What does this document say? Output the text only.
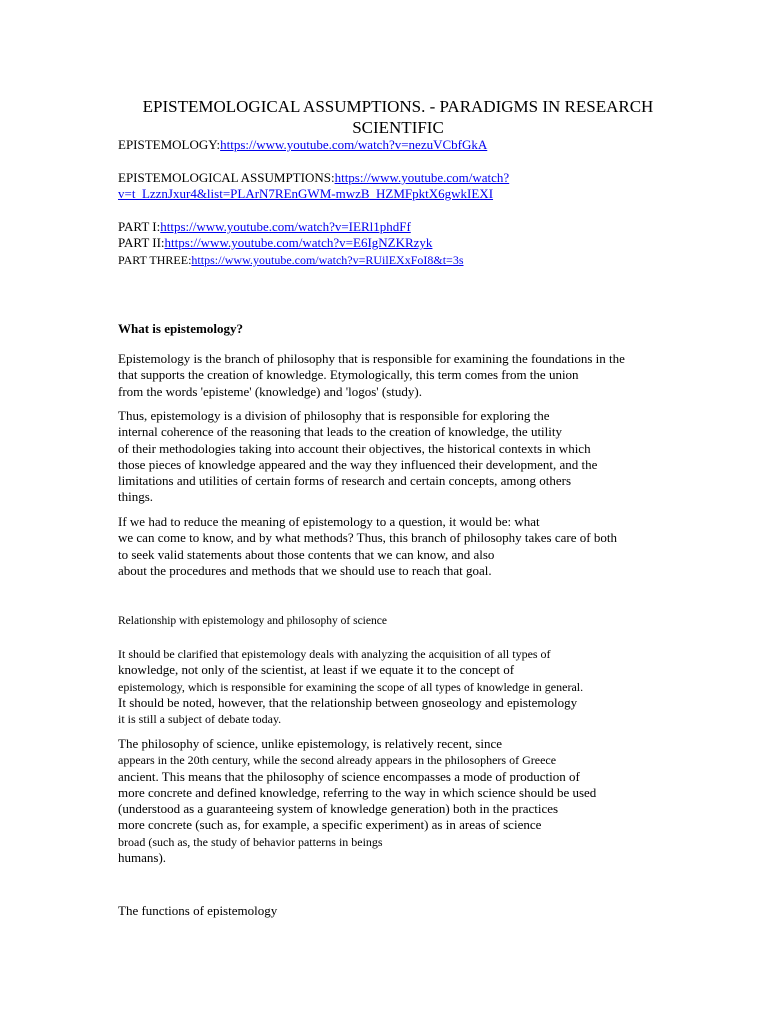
EPISTEMOLOGICAL ASSUMPTIONS. - PARADIGMS IN RESEARCH SCIENTIFIC
EPISTEMOLOGY:https://www.youtube.com/watch?v=nezuVCbfGkA
EPISTEMOLOGICAL ASSUMPTIONS:https://www.youtube.com/watch?
v=t_LzznJxur4&list=PLArN7REnGWM-mwzB_HZMFpktX6gwkIEXI
PART I:https://www.youtube.com/watch?v=IERl1phdFf
PART II:https://www.youtube.com/watch?v=E6IgNZKRzyk
PART THREE:https://www.youtube.com/watch?v=RUilEXxFoI8&t=3s
What is epistemology?
Epistemology is the branch of philosophy that is responsible for examining the foundations in the
that supports the creation of knowledge. Etymologically, this term comes from the union
from the words 'episteme' (knowledge) and 'logos' (study).
Thus, epistemology is a division of philosophy that is responsible for exploring the
internal coherence of the reasoning that leads to the creation of knowledge, the utility
of their methodologies taking into account their objectives, the historical contexts in which
those pieces of knowledge appeared and the way they influenced their development, and the
limitations and utilities of certain forms of research and certain concepts, among others
things.
If we had to reduce the meaning of epistemology to a question, it would be: what
we can come to know, and by what methods? Thus, this branch of philosophy takes care of both
to seek valid statements about those contents that we can know, and also
about the procedures and methods that we should use to reach that goal.
Relationship with epistemology and philosophy of science
It should be clarified that epistemology deals with analyzing the acquisition of all types of
knowledge, not only of the scientist, at least if we equate it to the concept of
epistemology, which is responsible for examining the scope of all types of knowledge in general.
It should be noted, however, that the relationship between gnoseology and epistemology
it is still a subject of debate today.
The philosophy of science, unlike epistemology, is relatively recent, since
appears in the 20th century, while the second already appears in the philosophers of Greece
ancient. This means that the philosophy of science encompasses a mode of production of
more concrete and defined knowledge, referring to the way in which science should be used
(understood as a guaranteeing system of knowledge generation) both in the practices
more concrete (such as, for example, a specific experiment) as in areas of science
broad (such as, the study of behavior patterns in beings
humans).
The functions of epistemology
